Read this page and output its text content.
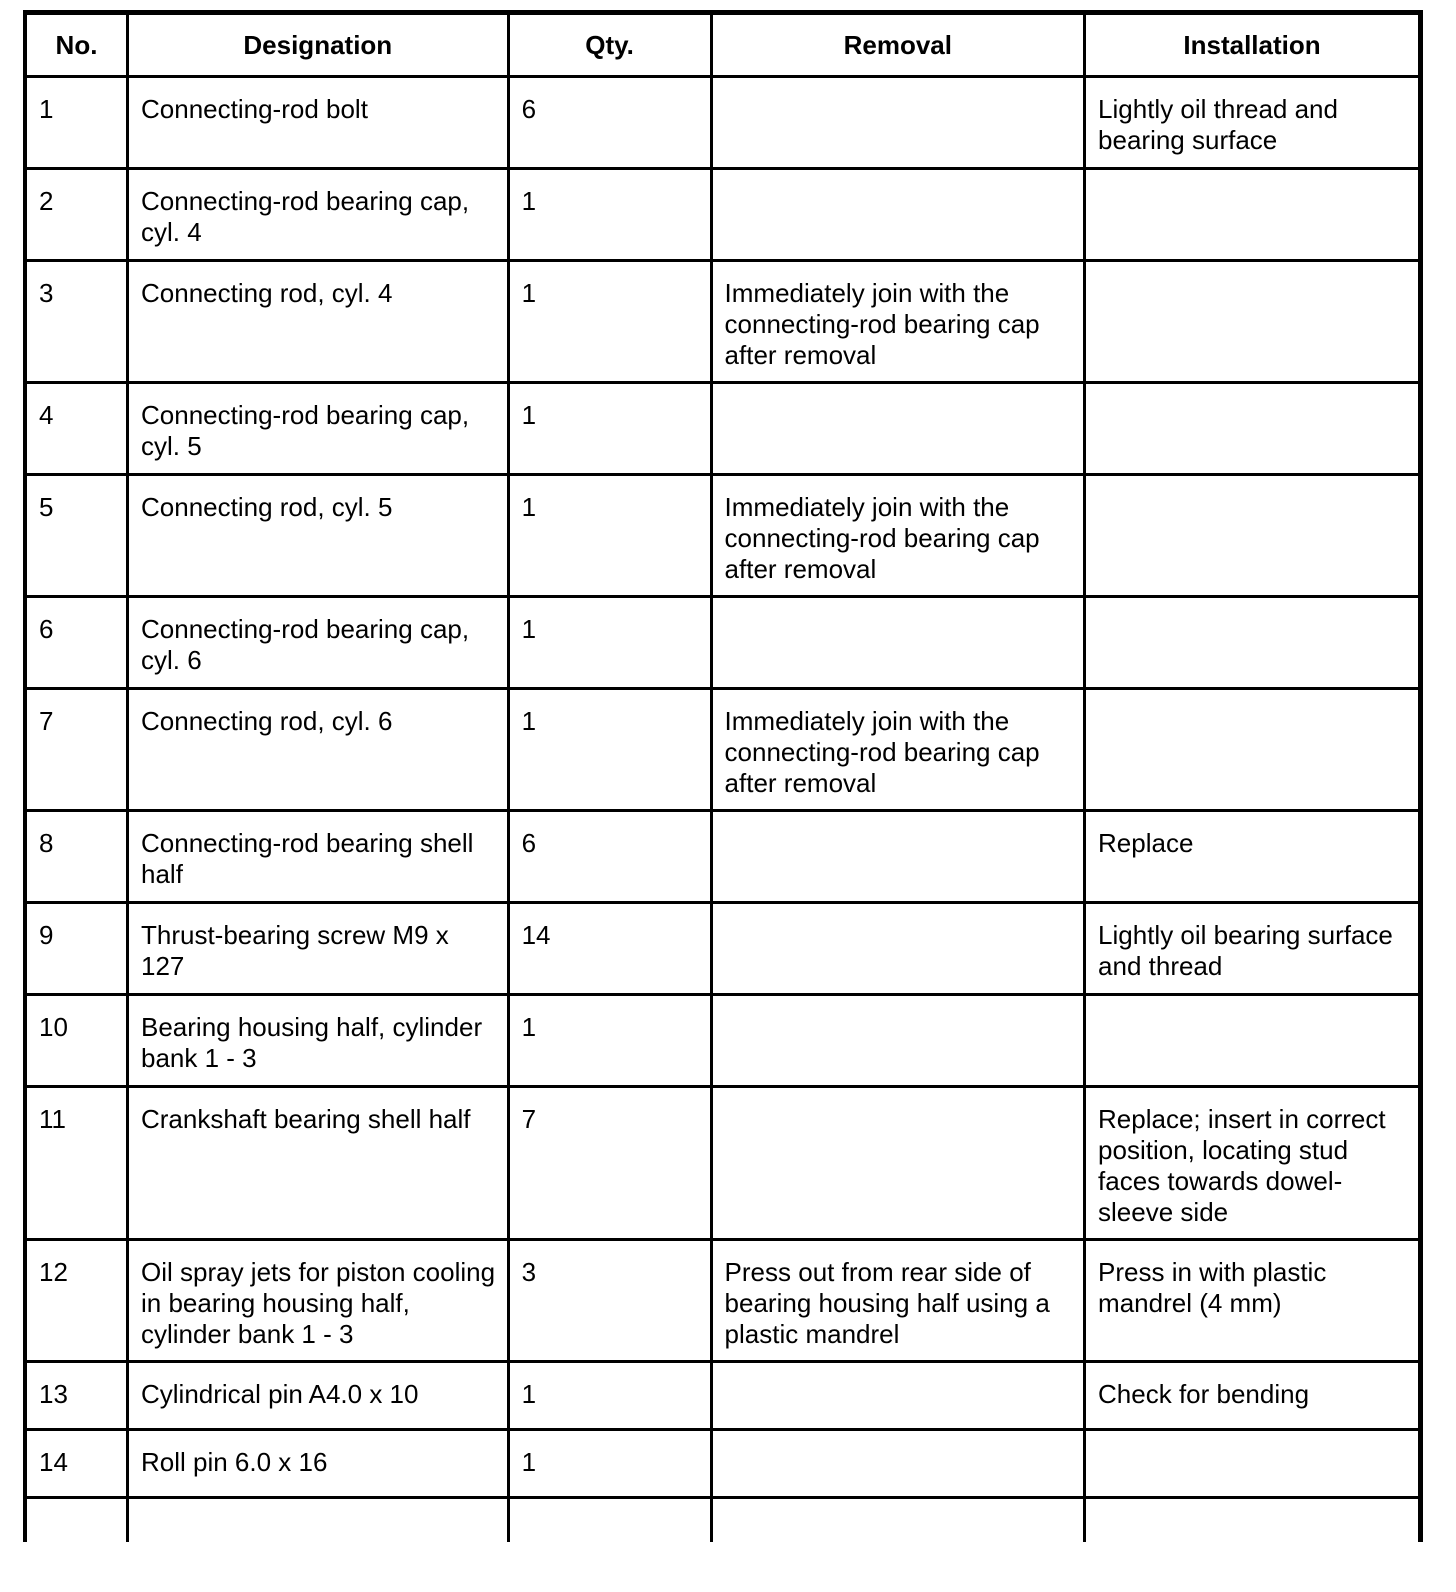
No.	Designation	Qty.	Removal	Installation
1	Connecting-rod bolt	6		Lightly oil thread and bearing surface
2	Connecting-rod bearing cap, cyl. 4	1		
3	Connecting rod, cyl. 4	1	Immediately join with the connecting-rod bearing cap after removal	
4	Connecting-rod bearing cap, cyl. 5	1		
5	Connecting rod, cyl. 5	1	Immediately join with the connecting-rod bearing cap after removal	
6	Connecting-rod bearing cap, cyl. 6	1		
7	Connecting rod, cyl. 6	1	Immediately join with the connecting-rod bearing cap after removal	
8	Connecting-rod bearing shell half	6		Replace
9	Thrust-bearing screw M9 x 127	14		Lightly oil bearing surface and thread
10	Bearing housing half, cylinder bank 1 - 3	1		
11	Crankshaft bearing shell half	7		Replace; insert in correct position, locating stud faces towards dowel-sleeve side
12	Oil spray jets for piston cooling in bearing housing half, cylinder bank 1 - 3	3	Press out from rear side of bearing housing half using a plastic mandrel	Press in with plastic mandrel (4 mm)
13	Cylindrical pin A4.0 x 10	1		Check for bending
14	Roll pin 6.0 x 16	1		
